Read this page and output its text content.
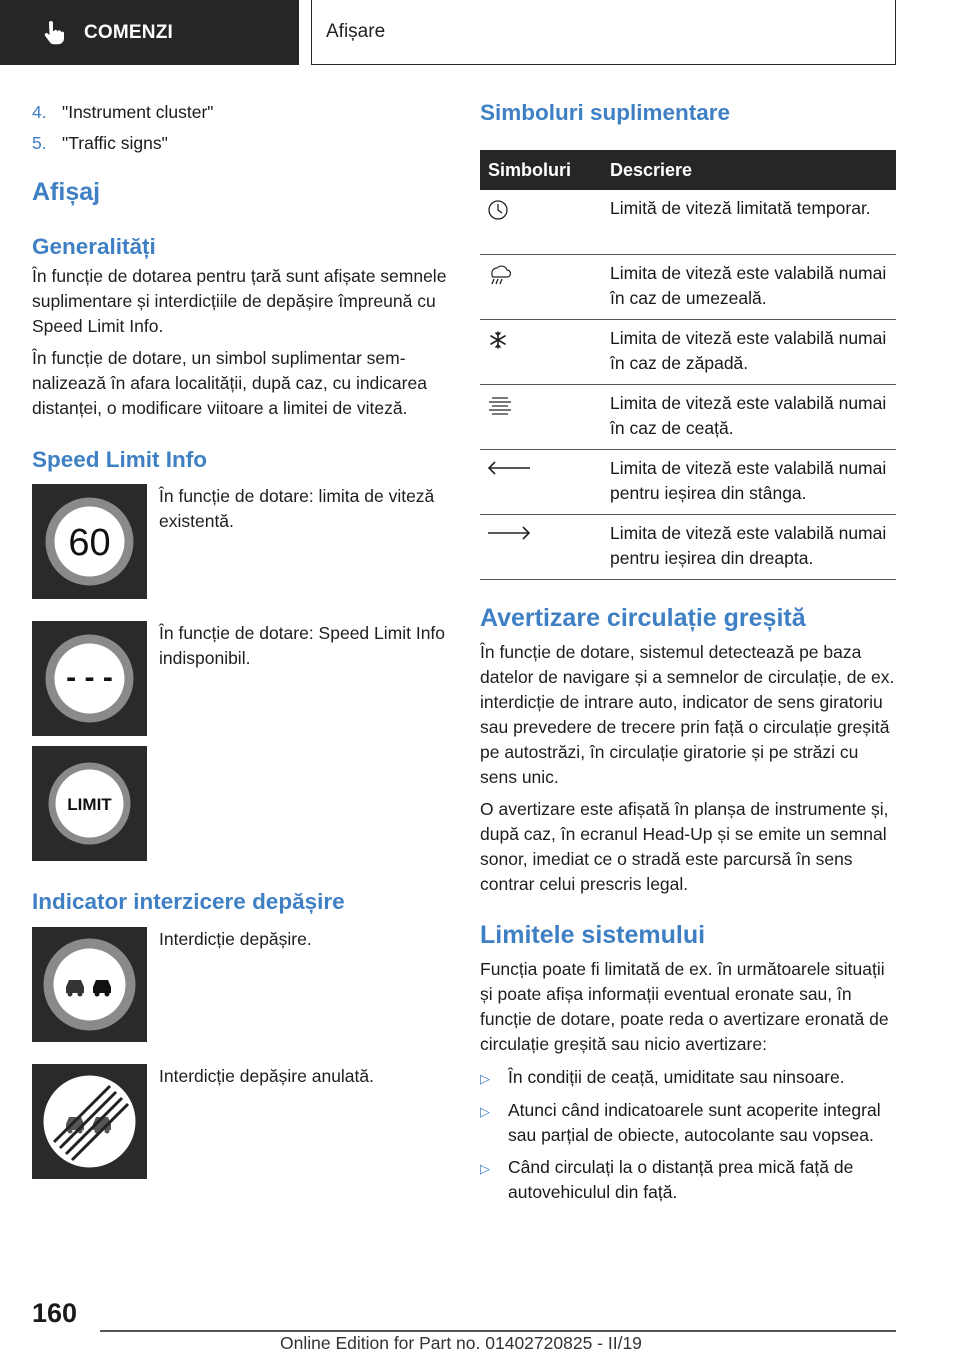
COMENZI	Afișare
4. "Instrument cluster"
5. "Traffic signs"
Afișaj
Generalități

În funcție de dotarea pentru țară sunt afișate semnele suplimentare și interdicțiile de depășire împreună cu Speed Limit Info.

În funcție de dotare, un simbol suplimentar semnalizează în afara localității, după caz, cu indicarea distanței, o modificare viitoare a limitei de viteză.

Speed Limit Info
60

În funcție de dotare: limita de viteză existentă.

- - -

În funcție de dotare: Speed Limit Info indisponibil.

LIMIT
Indicator interzicere depășire

Interdicție depășire.

Interdicție depășire anulată.

Simboluri suplimentare
Simboluri	Descriere
	Limită de viteză limitată temporar.
	Limita de viteză este valabilă numai în caz de umezeală.
	Limita de viteză este valabilă numai în caz de zăpadă.
	Limita de viteză este valabilă numai în caz de ceață.
	Limita de viteză este valabilă numai pentru ieșirea din stânga.
	Limita de viteză este valabilă numai pentru ieșirea din dreapta.
Avertizare circulație greșită

În funcție de dotare, sistemul detectează pe baza datelor de navigare și a semnelor de circulație, de ex. interdicție de intrare auto, indicator de sens giratoriu sau prevedere de trecere prin față o circulație greșită pe autostrăzi, în circulație giratorie și pe străzi cu sens unic.

O avertizare este afișată în planșa de instrumente și, după caz, în ecranul Head-Up și se emite un semnal sonor, imediat ce o stradă este parcursă în sens contrar celui prescris legal.

Limitele sistemului

Funcția poate fi limitată de ex. în următoarele situații și poate afișa informații eventual eronate sau, în funcție de dotare, poate reda o avertizare eronată de circulație greșită sau nicio avertizare:

▷	În condiții de ceață, umiditate sau ninsoare.
▷	Atunci când indicatoarele sunt acoperite integral sau parțial de obiecte, autocolante sau vopsea.
▷	Când circulați la o distanță prea mică față de autovehiculul din față.
160
Online Edition for Part no. 01402720825 - II/19
